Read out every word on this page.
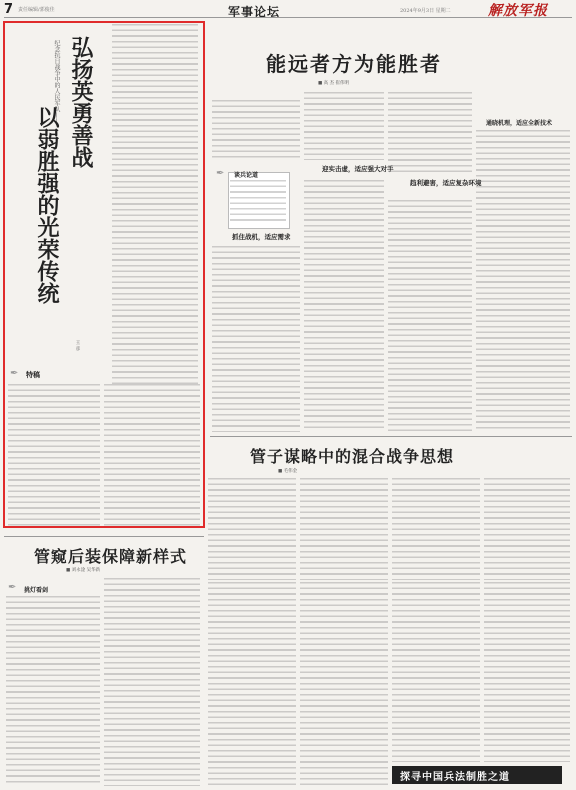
7 责任编辑/郭俊佳	军事论坛	2024年9月3日 星期二	解放军报
纪念抗日战争中的人民军队—— 弘扬英勇善战
以弱胜强的光荣传统
王 彦
✒ 特稿
能远者方为能胜者
■ 高 杰 崔伟明
✒ 谈兵论道
抓住战机，适应需求
迎实击虚，适应强大对手
趋利避害，适应复杂环境
通晓机理，适应全新技术
管子谋略中的混合战争思想
■ 毛伟金
管窥后装保障新样式
■ 刘永淦 吴华新
✒ 挑灯看剑
探寻中国兵法制胜之道
